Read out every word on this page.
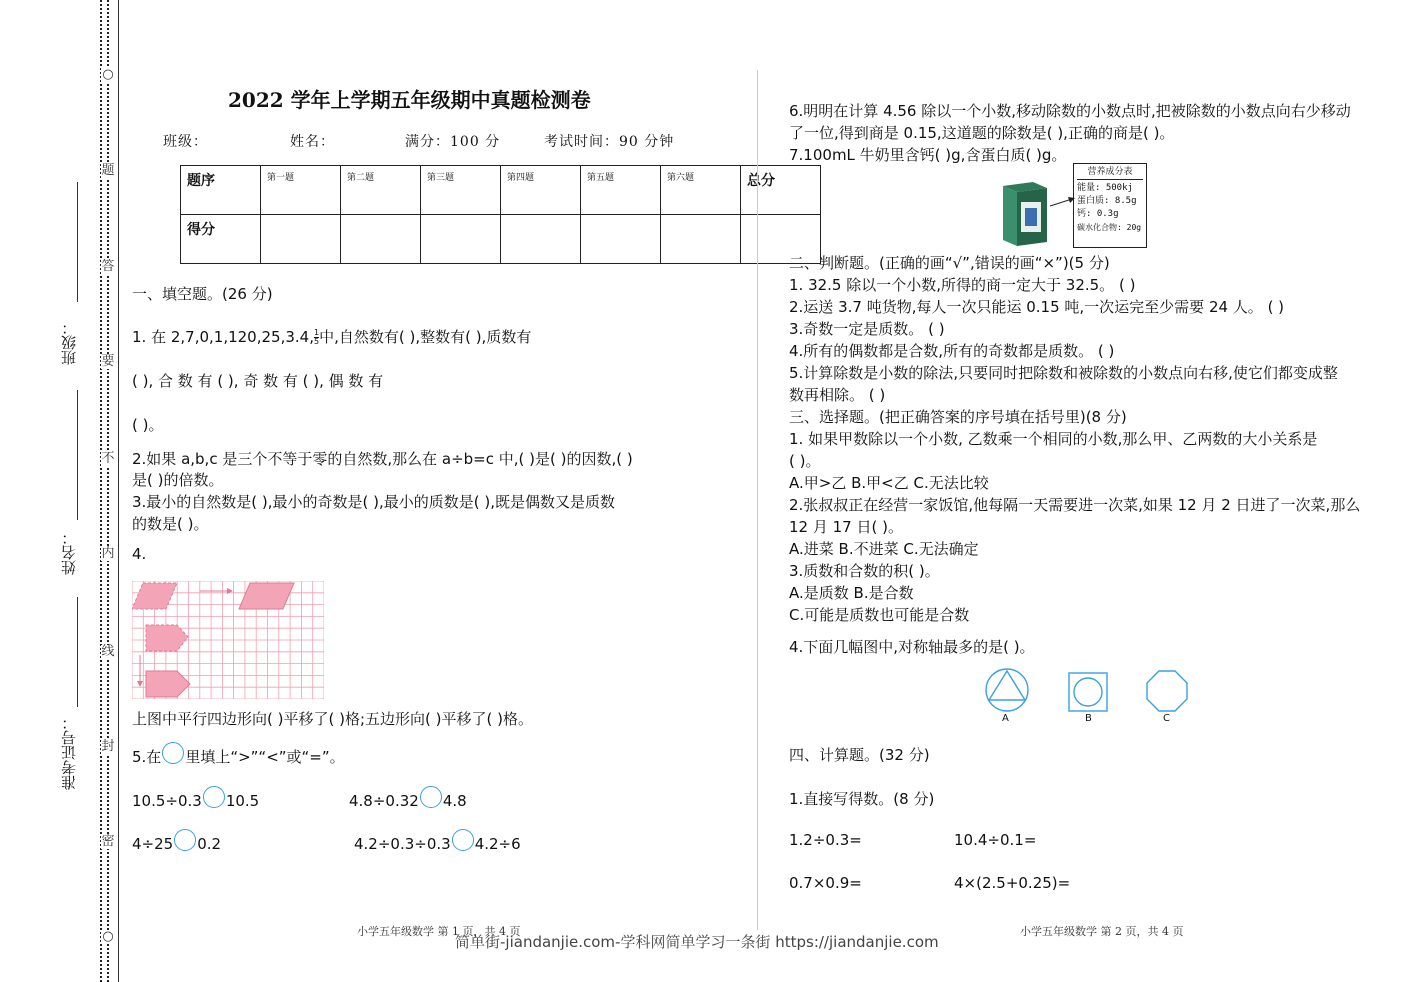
○
题
答
要
不
内
线
封
密
○
班级：
姓名：
准考证号：
2022 学年上学期五年级期中真题检测卷
班级：	姓名：	满分：100 分	考试时间：90 分钟
题序	第一题	第二题	第三题	第四题	第五题	第六题	总分
得分							
一、填空题。(26 分)
1. 在 2,7,0,1,120,25,3.4, $\frac{1}{5}$ 中,自然数有( ),整数有( ),质数有
( ), 合 数 有 ( ), 奇 数 有 ( ), 偶 数 有
( )。
2.如果 a,b,c 是三个不等于零的自然数,那么在 a÷b=c 中,( )是( )的因数,( )
是( )的倍数。
3.最小的自然数是( ),最小的奇数是( ),最小的质数是( ),既是偶数又是质数
的数是( )。
4.
上图中平行四边形向( )平移了( )格;五边形向( )平移了( )格。
5.在 里填上“>”“<”或“=”。
10.5÷0.3 10.5	4.8÷0.32 4.8
4÷25 0.2	4.2÷0.3÷0.3 4.2÷6
小学五年级数学 第 1 页，共 4 页
6.明明在计算 4.56 除以一个小数,移动除数的小数点时,把被除数的小数点向右少移动
了一位,得到商是 0.15,这道题的除数是( ),正确的商是( )。
7.100mL 牛奶里含钙( )g,含蛋白质( )g。
营养成分表
能量: 500kj
蛋白质: 8.5g
钙: 0.3g
碳水化合物: 20g
二、判断题。(正确的画“√”,错误的画“×”)(5 分)
1. 32.5 除以一个小数,所得的商一定大于 32.5。 ( )
2.运送 3.7 吨货物,每人一次只能运 0.15 吨,一次运完至少需要 24 人。 ( )
3.奇数一定是质数。 ( )
4.所有的偶数都是合数,所有的奇数都是质数。 ( )
5.计算除数是小数的除法,只要同时把除数和被除数的小数点向右移,使它们都变成整
数再相除。 ( )
三、选择题。(把正确答案的序号填在括号里)(8 分)
1. 如果甲数除以一个小数, 乙数乘一个相同的小数,那么甲、乙两数的大小关系是
( )。
A.甲>乙 B.甲<乙 C.无法比较
2.张叔叔正在经营一家饭馆,他每隔一天需要进一次菜,如果 12 月 2 日进了一次菜,那么
12 月 17 日( )。
A.进菜 B.不进菜 C.无法确定
3.质数和合数的积( )。
A.是质数 B.是合数
C.可能是质数也可能是合数
4.下面几幅图中,对称轴最多的是( )。
A	B	C
四、计算题。(32 分)
1.直接写得数。(8 分)
1.2÷0.3=	10.4÷0.1=
0.7×0.9=	4×(2.5+0.25)=
小学五年级数学 第 2 页，共 4 页
简单街-jiandanjie.com-学科网简单学习一条街 https://jiandanjie.com
